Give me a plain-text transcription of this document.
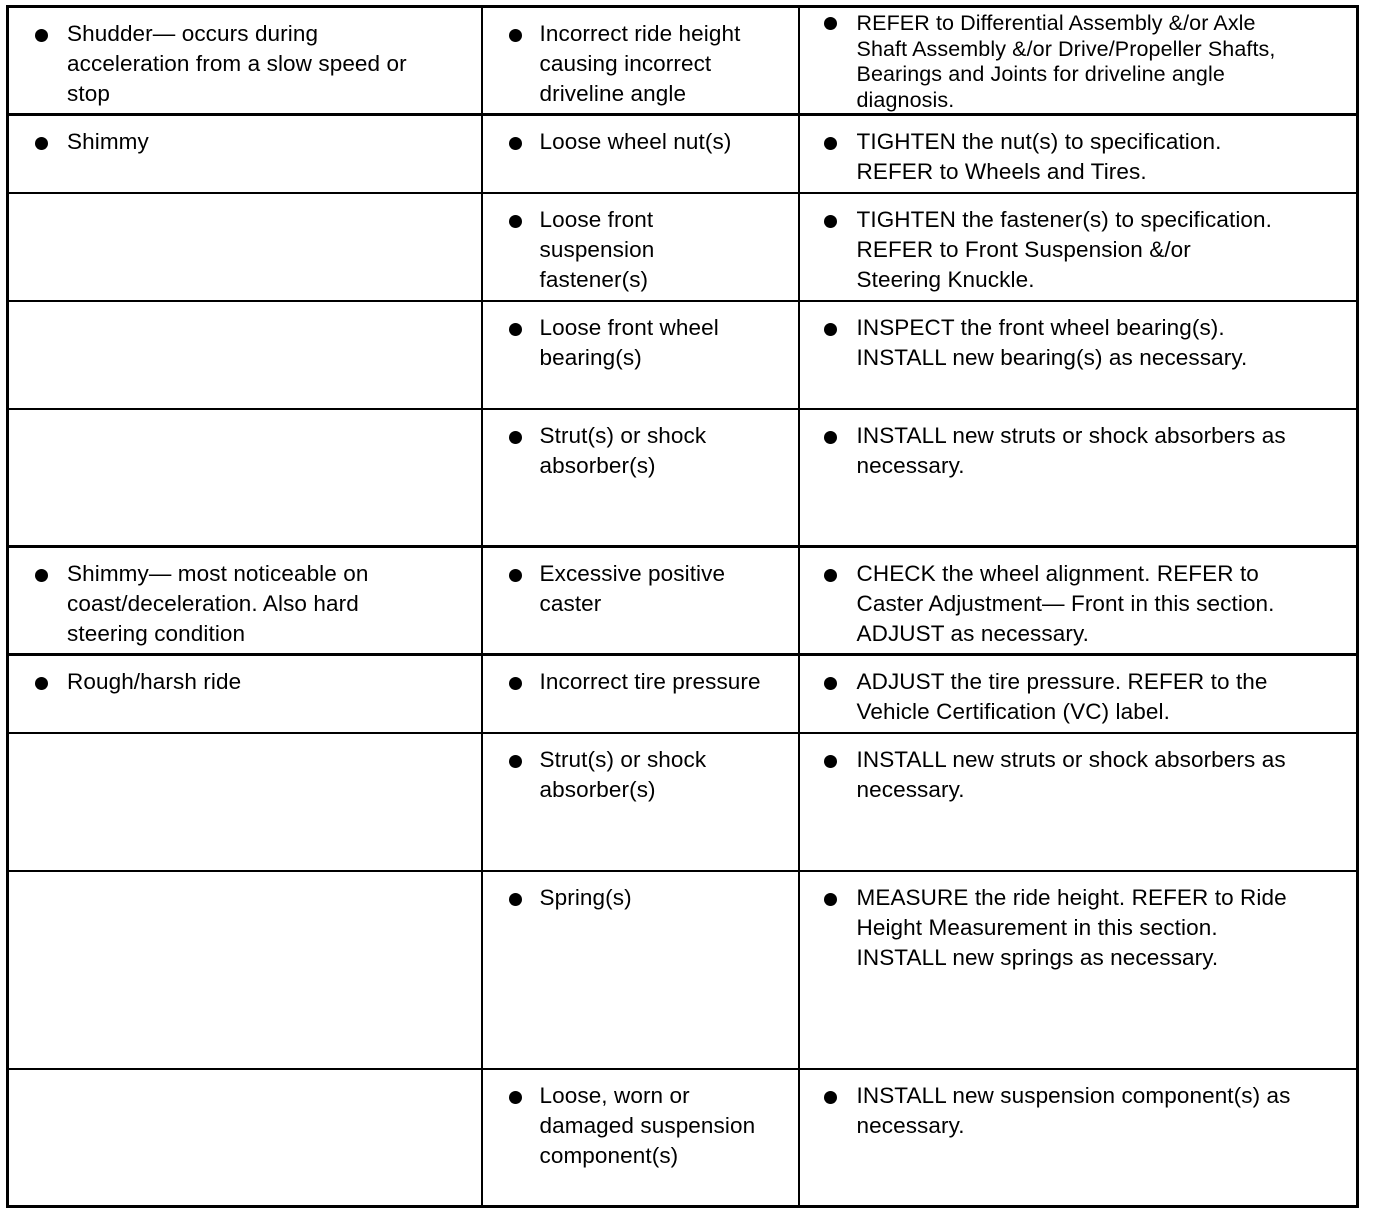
Shudder— occurs during
acceleration from a slow speed or
stop	Incorrect ride height
causing incorrect
driveline angle	REFER to Differential Assembly &/or Axle
Shaft Assembly &/or Drive/Propeller Shafts,
Bearings and Joints for driveline angle
diagnosis.

Shimmy	Loose wheel nut(s)	TIGHTEN the nut(s) to specification.
REFER to Wheels and Tires.

	Loose front
suspension
fastener(s)	TIGHTEN the fastener(s) to specification.
REFER to Front Suspension &/or
Steering Knuckle.

	Loose front wheel
bearing(s)	INSPECT the front wheel bearing(s).
INSTALL new bearing(s) as necessary.

	Strut(s) or shock
absorber(s)	INSTALL new struts or shock absorbers as
necessary.

Shimmy— most noticeable on
coast/deceleration. Also hard
steering condition	Excessive positive
caster	CHECK the wheel alignment. REFER to
Caster Adjustment— Front in this section.
ADJUST as necessary.

Rough/harsh ride	Incorrect tire pressure	ADJUST the tire pressure. REFER to the
Vehicle Certification (VC) label.

	Strut(s) or shock
absorber(s)	INSTALL new struts or shock absorbers as
necessary.

	Spring(s)	MEASURE the ride height. REFER to Ride
Height Measurement in this section.
INSTALL new springs as necessary.

	Loose, worn or
damaged suspension
component(s)	INSTALL new suspension component(s) as
necessary.
